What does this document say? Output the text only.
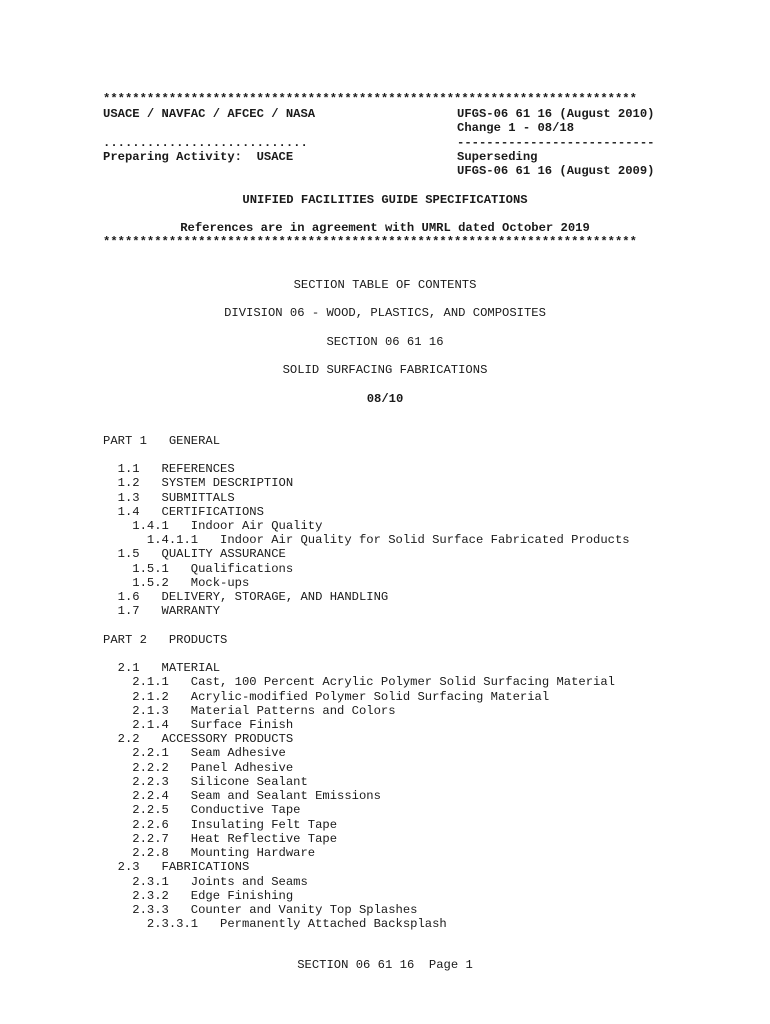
*************************************************************************
USACE / NAVFAC / AFCEC / NASA	UFGS-06 61 16 (August 2010)
Change 1 - 08/18
............................	---------------------------
Preparing Activity:  USACE	Superseding
UFGS-06 61 16 (August 2009)
UNIFIED FACILITIES GUIDE SPECIFICATIONS
References are in agreement with UMRL dated October 2019
*************************************************************************
SECTION TABLE OF CONTENTS
DIVISION 06 - WOOD, PLASTICS, AND COMPOSITES
SECTION 06 61 16
SOLID SURFACING FABRICATIONS
08/10
PART 1   GENERAL
1.1   REFERENCES
1.2   SYSTEM DESCRIPTION
1.3   SUBMITTALS
1.4   CERTIFICATIONS
1.4.1   Indoor Air Quality
1.4.1.1   Indoor Air Quality for Solid Surface Fabricated Products
1.5   QUALITY ASSURANCE
1.5.1   Qualifications
1.5.2   Mock-ups
1.6   DELIVERY, STORAGE, AND HANDLING
1.7   WARRANTY
PART 2   PRODUCTS
2.1   MATERIAL
2.1.1   Cast, 100 Percent Acrylic Polymer Solid Surfacing Material
2.1.2   Acrylic-modified Polymer Solid Surfacing Material
2.1.3   Material Patterns and Colors
2.1.4   Surface Finish
2.2   ACCESSORY PRODUCTS
2.2.1   Seam Adhesive
2.2.2   Panel Adhesive
2.2.3   Silicone Sealant
2.2.4   Seam and Sealant Emissions
2.2.5   Conductive Tape
2.2.6   Insulating Felt Tape
2.2.7   Heat Reflective Tape
2.2.8   Mounting Hardware
2.3   FABRICATIONS
2.3.1   Joints and Seams
2.3.2   Edge Finishing
2.3.3   Counter and Vanity Top Splashes
2.3.3.1   Permanently Attached Backsplash
SECTION 06 61 16  Page 1
